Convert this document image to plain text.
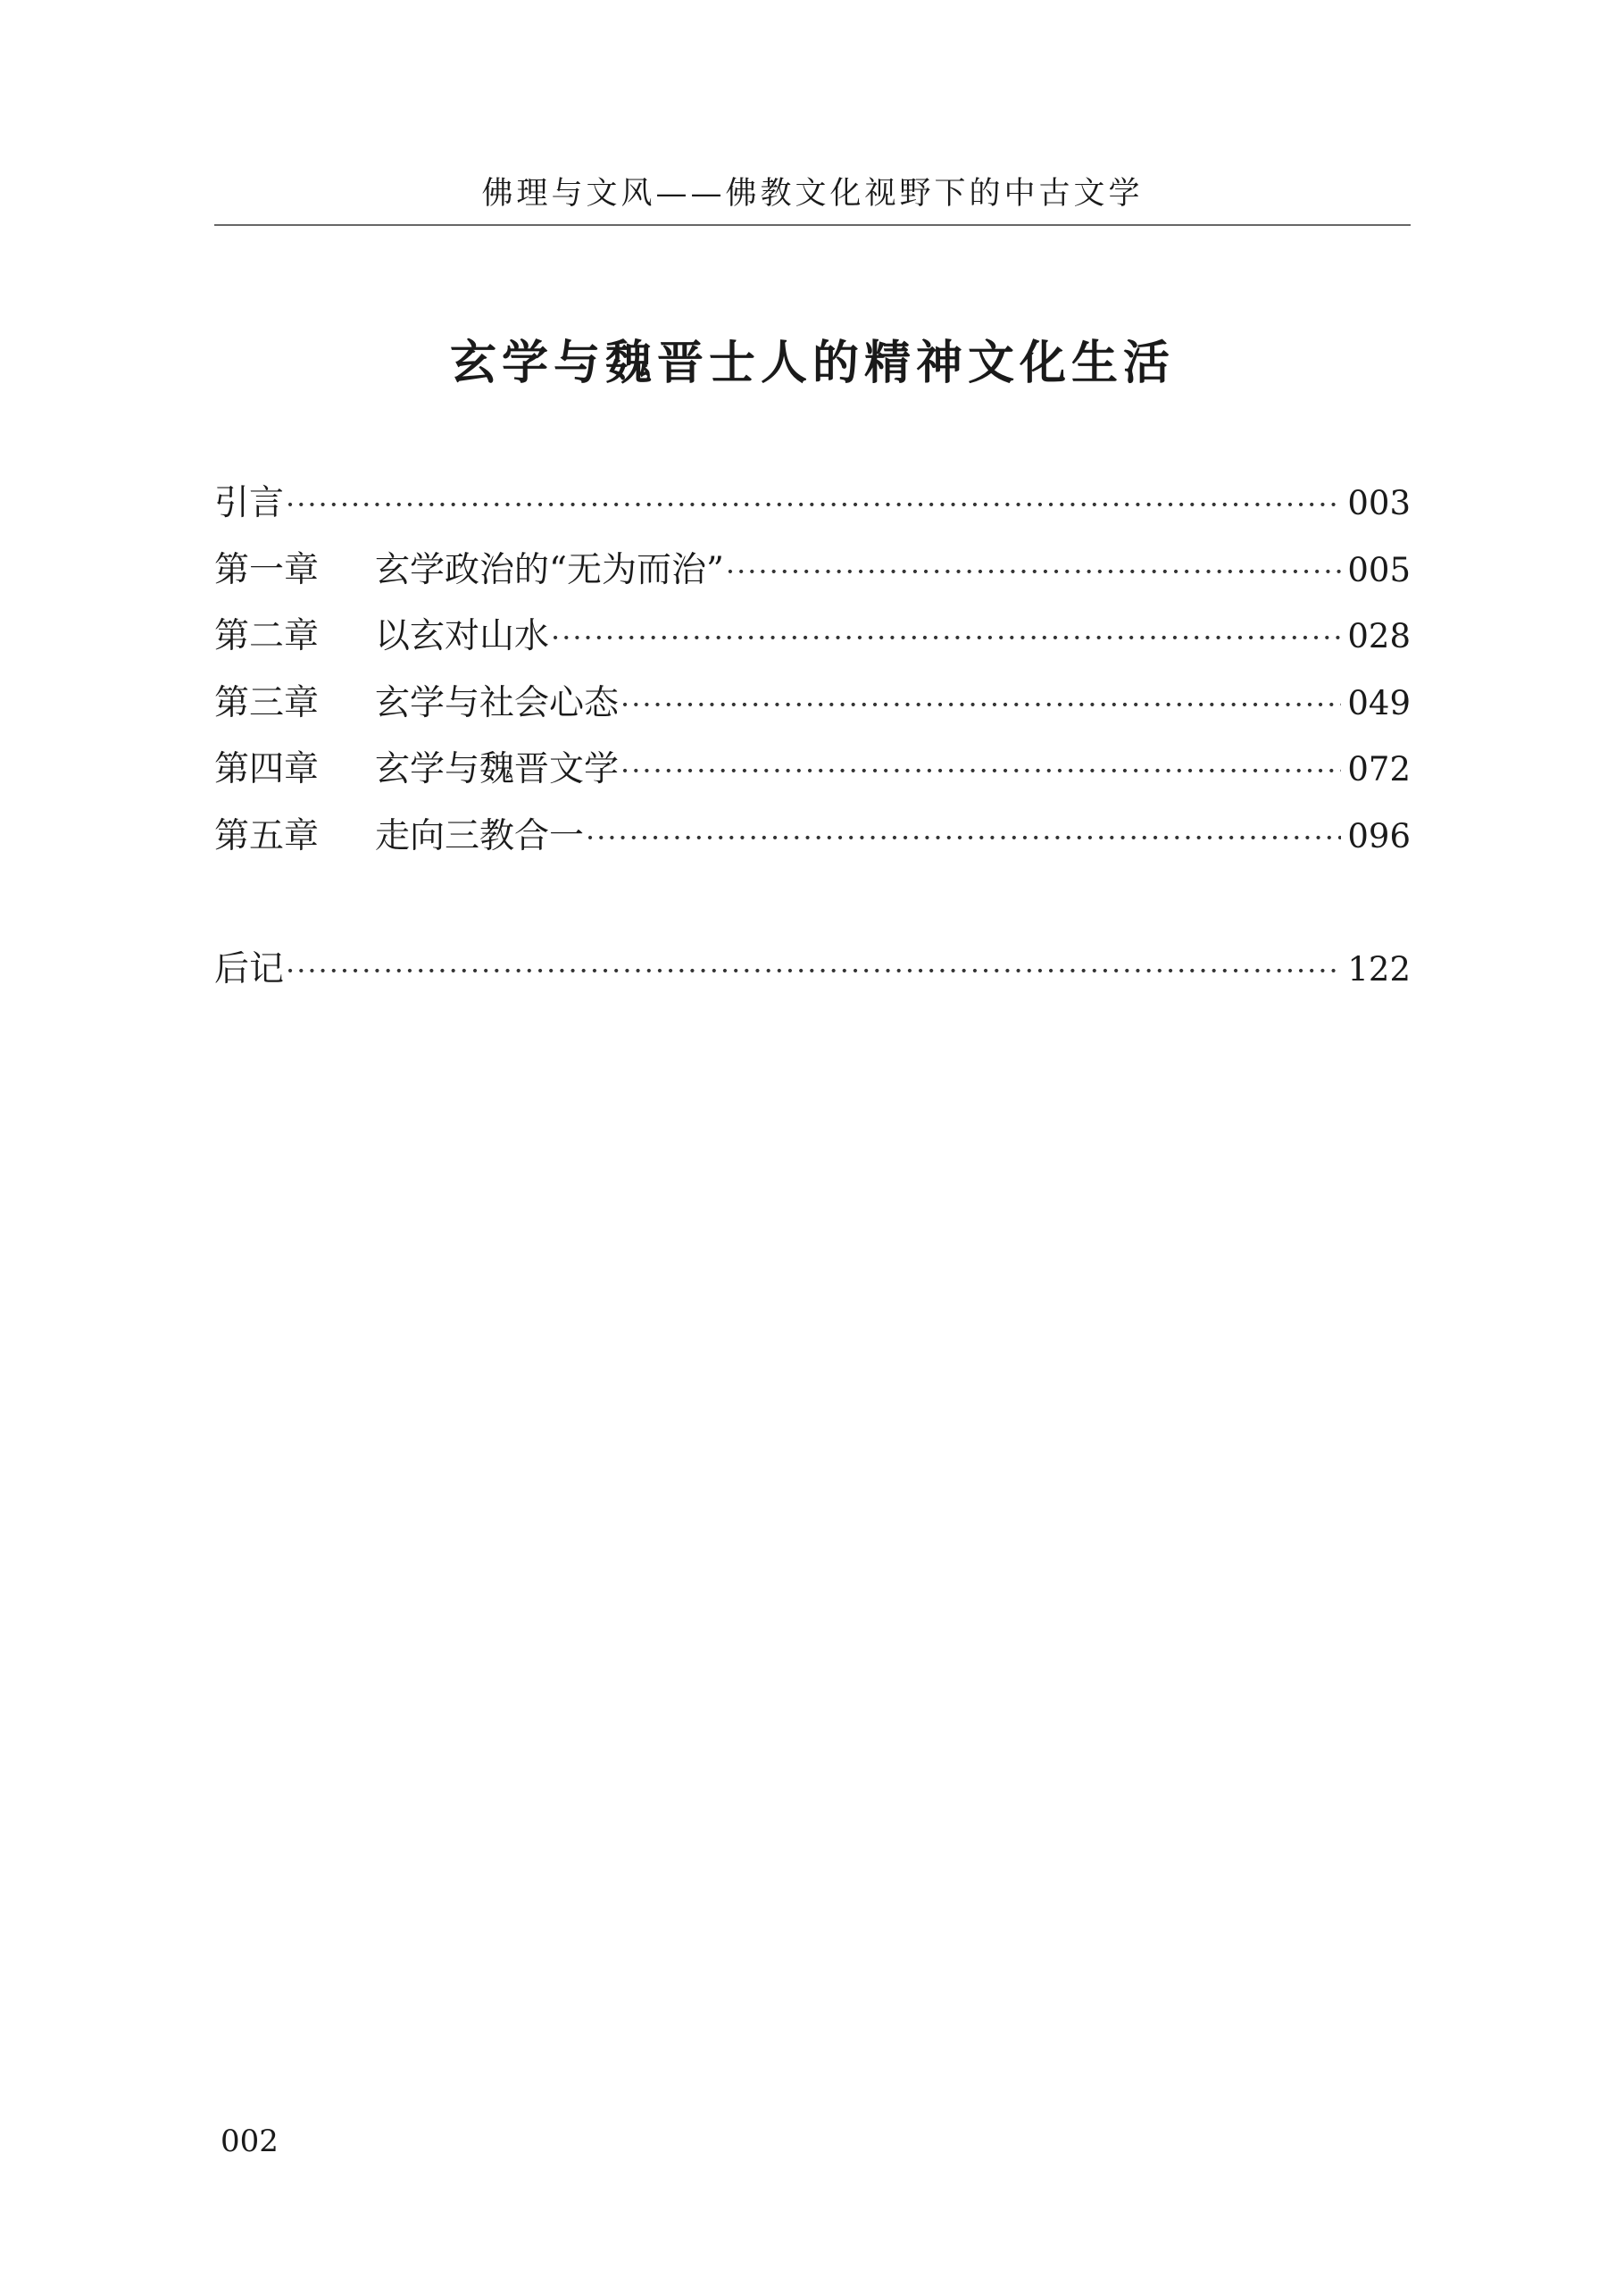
佛理与文风——佛教文化视野下的中古文学
玄学与魏晋士人的精神文化生活
引言 ·····	003
第一章	玄学政治的“无为而治” ·····	005
第二章	以玄对山水 ·····	028
第三章	玄学与社会心态 ·····	049
第四章	玄学与魏晋文学 ·····	072
第五章	走向三教合一 ·····	096
后记 ·····	122
002
